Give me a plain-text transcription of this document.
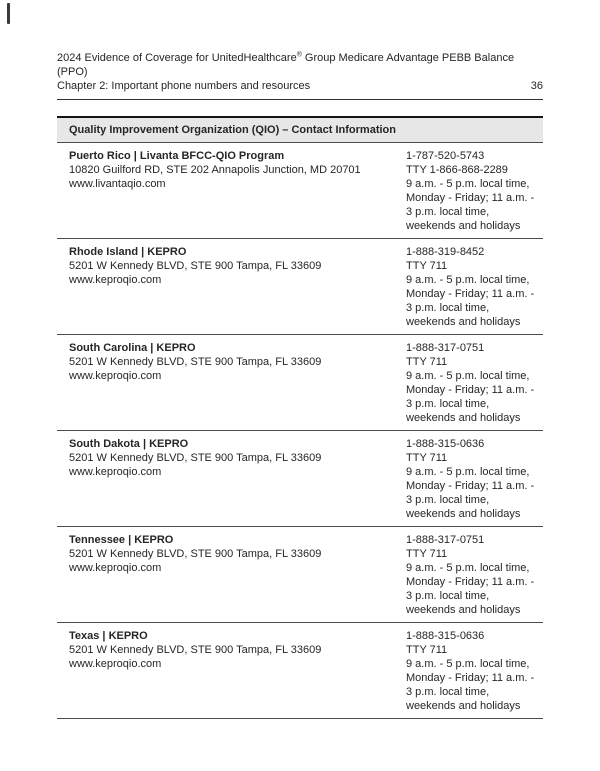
2024 Evidence of Coverage for UnitedHealthcare® Group Medicare Advantage PEBB Balance
(PPO)
Chapter 2: Important phone numbers and resources	36
Quality Improvement Organization (QIO) – Contact Information
Puerto Rico | Livanta BFCC-QIO Program
10820 Guilford RD, STE 202 Annapolis Junction, MD 20701
www.livantaqio.com
1-787-520-5743
TTY 1-866-868-2289
9 a.m. - 5 p.m. local time,
Monday - Friday; 11 a.m. -
3 p.m. local time,
weekends and holidays
Rhode Island | KEPRO
5201 W Kennedy BLVD, STE 900 Tampa, FL 33609
www.keproqio.com
1-888-319-8452
TTY 711
9 a.m. - 5 p.m. local time,
Monday - Friday; 11 a.m. -
3 p.m. local time,
weekends and holidays
South Carolina | KEPRO
5201 W Kennedy BLVD, STE 900 Tampa, FL 33609
www.keproqio.com
1-888-317-0751
TTY 711
9 a.m. - 5 p.m. local time,
Monday - Friday; 11 a.m. -
3 p.m. local time,
weekends and holidays
South Dakota | KEPRO
5201 W Kennedy BLVD, STE 900 Tampa, FL 33609
www.keproqio.com
1-888-315-0636
TTY 711
9 a.m. - 5 p.m. local time,
Monday - Friday; 11 a.m. -
3 p.m. local time,
weekends and holidays
Tennessee | KEPRO
5201 W Kennedy BLVD, STE 900 Tampa, FL 33609
www.keproqio.com
1-888-317-0751
TTY 711
9 a.m. - 5 p.m. local time,
Monday - Friday; 11 a.m. -
3 p.m. local time,
weekends and holidays
Texas | KEPRO
5201 W Kennedy BLVD, STE 900 Tampa, FL 33609
www.keproqio.com
1-888-315-0636
TTY 711
9 a.m. - 5 p.m. local time,
Monday - Friday; 11 a.m. -
3 p.m. local time,
weekends and holidays
